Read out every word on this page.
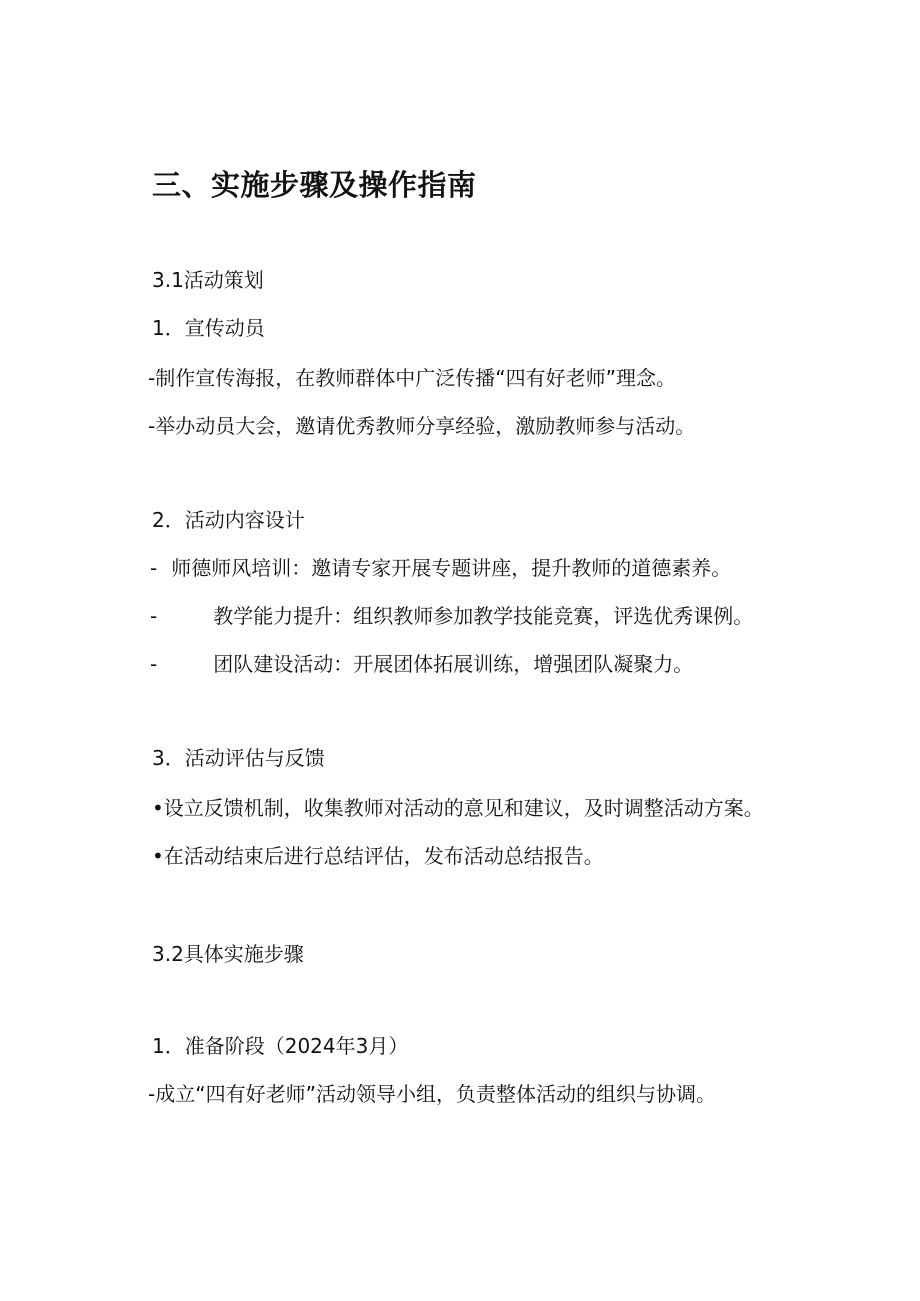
三、实施步骤及操作指南
3.1活动策划
1．宣传动员
-制作宣传海报，在教师群体中广泛传播“四有好老师”理念。
-举办动员大会，邀请优秀教师分享经验，激励教师参与活动。
2．活动内容设计
- 师德师风培训：邀请专家开展专题讲座，提升教师的道德素养。
-	教学能力提升：组织教师参加教学技能竞赛，评选优秀课例。
-	团队建设活动：开展团体拓展训练，增强团队凝聚力。
3．活动评估与反馈
•设立反馈机制，收集教师对活动的意见和建议，及时调整活动方案。
•在活动结束后进行总结评估，发布活动总结报告。
3.2具体实施步骤
1．准备阶段（2024年3月）
-成立“四有好老师”活动领导小组，负责整体活动的组织与协调。
